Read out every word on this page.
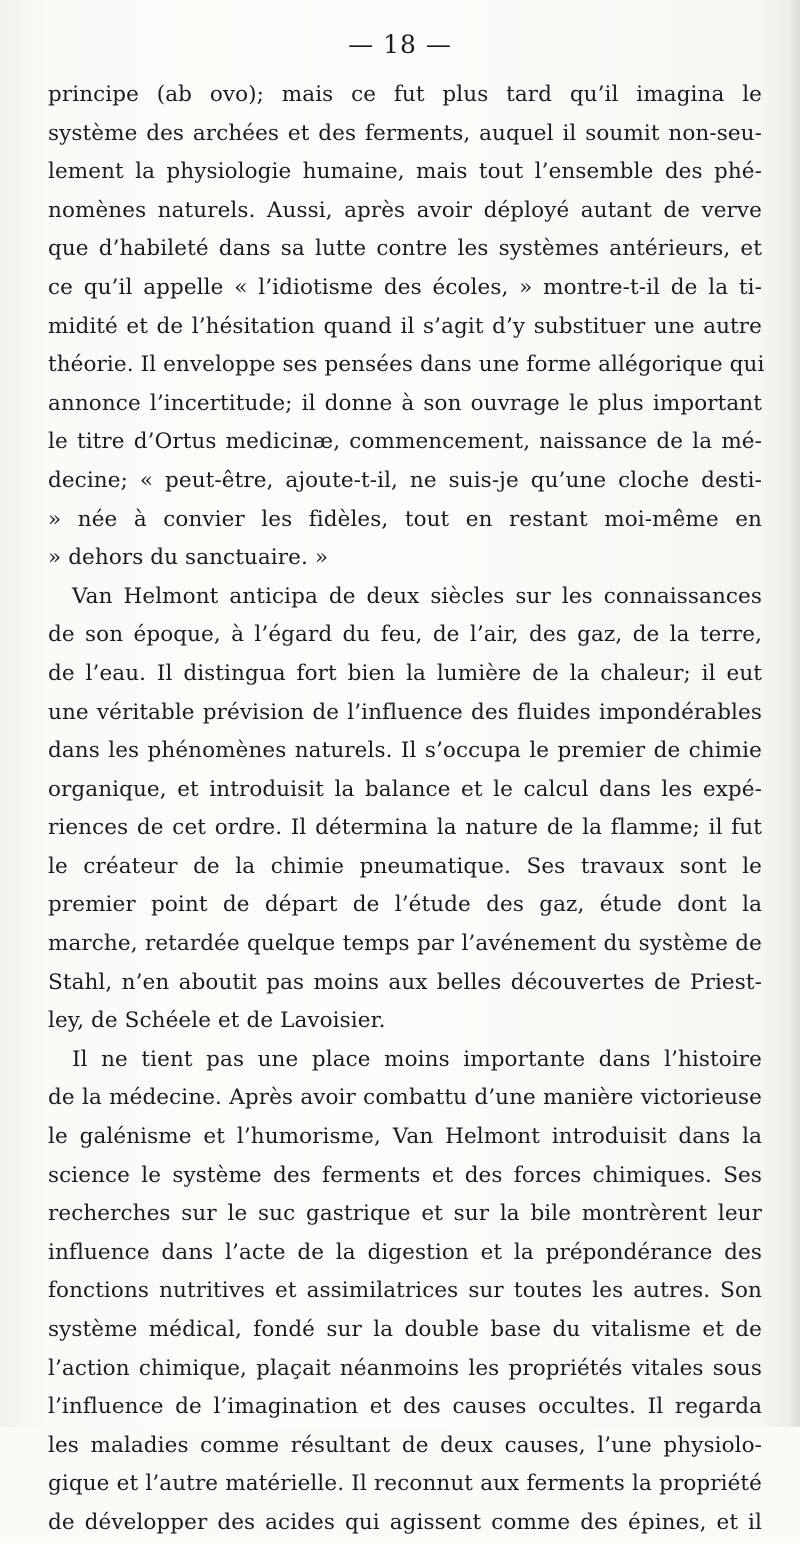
— 18 —
principe (ab ovo); mais ce fut plus tard qu’il imagina le
système des archées et des ferments, auquel il soumit non-seu-
lement la physiologie humaine, mais tout l’ensemble des phé-
nomènes naturels. Aussi, après avoir déployé autant de verve
que d’habileté dans sa lutte contre les systèmes antérieurs, et
ce qu’il appelle « l’idiotisme des écoles, » montre-t-il de la ti-
midité et de l’hésitation quand il s’agit d’y substituer une autre
théorie. Il enveloppe ses pensées dans une forme allégorique qui
annonce l’incertitude; il donne à son ouvrage le plus important
le titre d’Ortus medicinæ, commencement, naissance de la mé-
decine; « peut-être, ajoute-t-il, ne suis-je qu’une cloche desti-
» née à convier les fidèles, tout en restant moi-même en
» dehors du sanctuaire. »
Van Helmont anticipa de deux siècles sur les connaissances
de son époque, à l’égard du feu, de l’air, des gaz, de la terre,
de l’eau. Il distingua fort bien la lumière de la chaleur; il eut
une véritable prévision de l’influence des fluides impondérables
dans les phénomènes naturels. Il s’occupa le premier de chimie
organique, et introduisit la balance et le calcul dans les expé-
riences de cet ordre. Il détermina la nature de la flamme; il fut
le créateur de la chimie pneumatique. Ses travaux sont le
premier point de départ de l’étude des gaz, étude dont la
marche, retardée quelque temps par l’avénement du système de
Stahl, n’en aboutit pas moins aux belles découvertes de Priest-
ley, de Schéele et de Lavoisier.
Il ne tient pas une place moins importante dans l’histoire
de la médecine. Après avoir combattu d’une manière victorieuse
le galénisme et l’humorisme, Van Helmont introduisit dans la
science le système des ferments et des forces chimiques. Ses
recherches sur le suc gastrique et sur la bile montrèrent leur
influence dans l’acte de la digestion et la prépondérance des
fonctions nutritives et assimilatrices sur toutes les autres. Son
système médical, fondé sur la double base du vitalisme et de
l’action chimique, plaçait néanmoins les propriétés vitales sous
l’influence de l’imagination et des causes occultes. Il regarda
les maladies comme résultant de deux causes, l’une physiolo-
gique et l’autre matérielle. Il reconnut aux ferments la propriété
de développer des acides qui agissent comme des épines, et il
